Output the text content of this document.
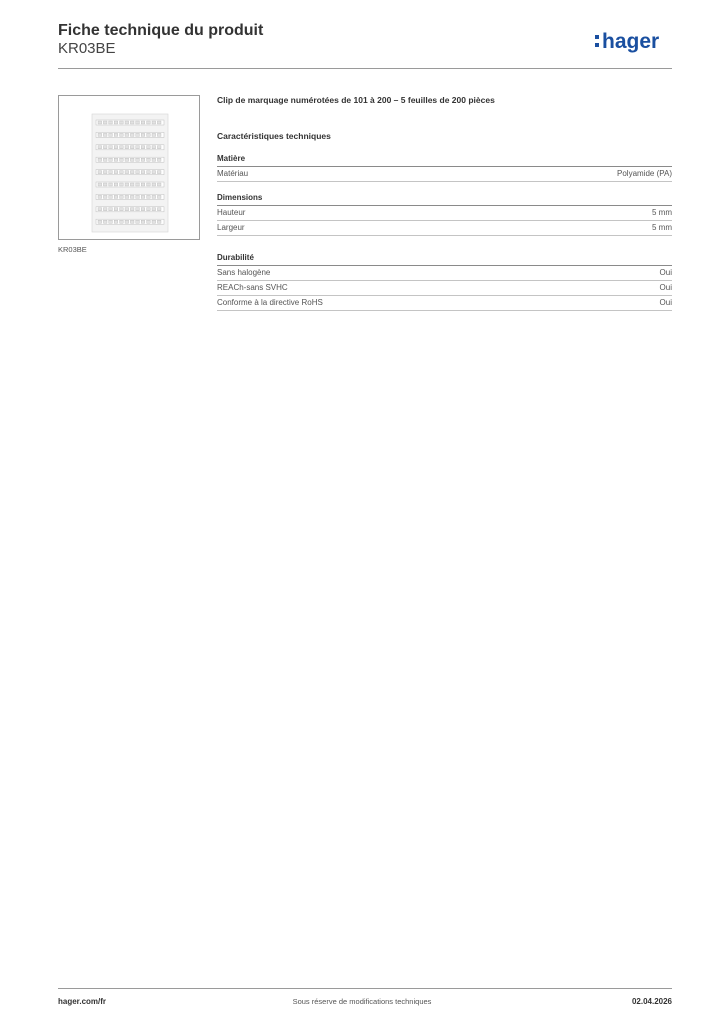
Fiche technique du produit
KR03BE	hager
KR03BE
Clip de marquage numérotées de 101 à 200 – 5 feuilles de 200 pièces
Caractéristiques techniques
Matière
Matériau	Polyamide (PA)
Dimensions
Hauteur	5 mm
Largeur	5 mm
Durabilité
Sans halogène	Oui
REACh-sans SVHC	Oui
Conforme à la directive RoHS	Oui
hager.com/fr	Sous réserve de modifications techniques	02.04.2026
